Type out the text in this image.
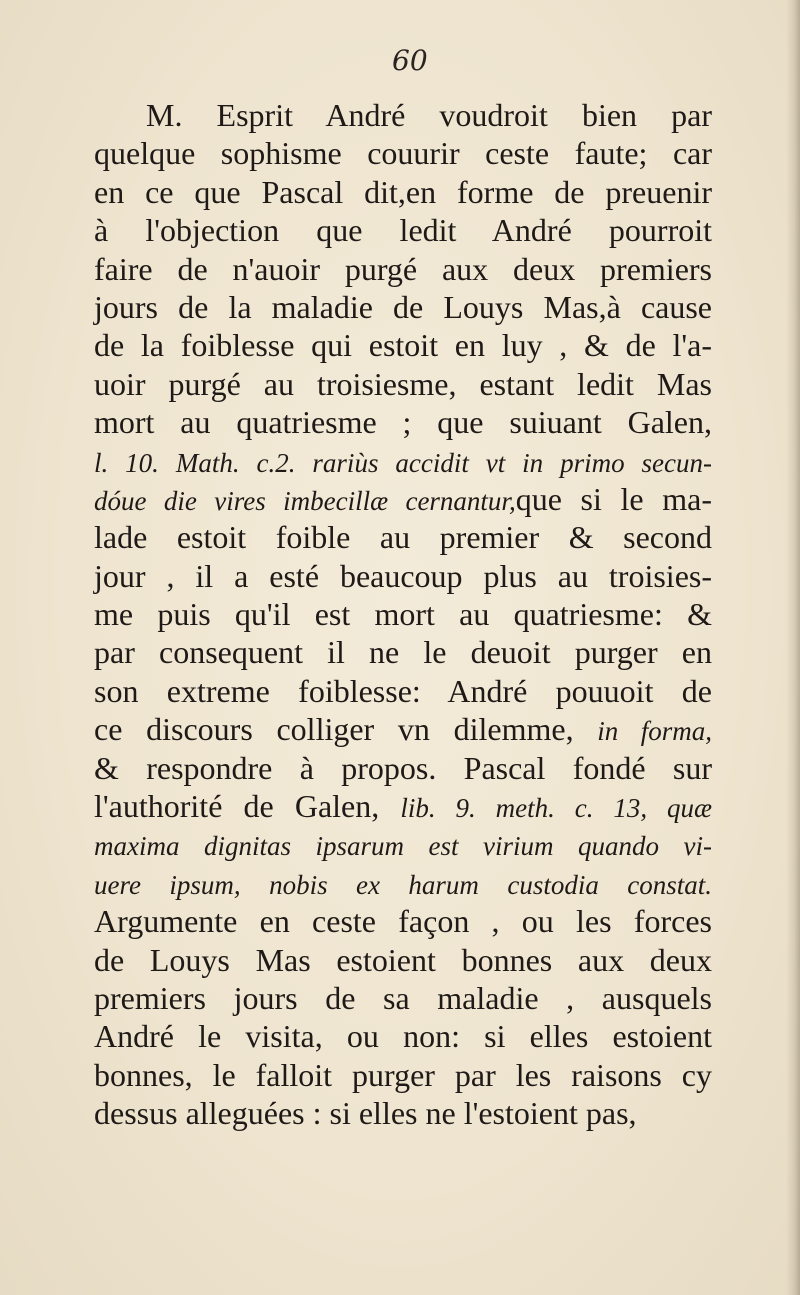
60
M. Esprit André voudroit bien par
quelque sophisme couurir ceste faute; car
en ce que Pascal dit,en forme de preuenir
à l'objection que ledit André pourroit
faire de n'auoir purgé aux deux premiers
jours de la maladie de Louys Mas,à cause
de la foiblesse qui estoit en luy , & de l'a-
uoir purgé au troisiesme, estant ledit Mas
mort au quatriesme ; que suiuant Galen,
l. 10. Math. c.2. rariùs accidit vt in primo secun-
dóue die vires imbecillæ cernantur,que si le ma-
lade estoit foible au premier & second
jour , il a esté beaucoup plus au troisies-
me puis qu'il est mort au quatriesme: &
par consequent il ne le deuoit purger en
son extreme foiblesse: André pouuoit de
ce discours colliger vn dilemme, in forma,
& respondre à propos. Pascal fondé sur
l'authorité de Galen, lib. 9. meth. c. 13, quæ
maxima dignitas ipsarum est virium quando vi-
uere ipsum, nobis ex harum custodia constat.
Argumente en ceste façon , ou les forces
de Louys Mas estoient bonnes aux deux
premiers jours de sa maladie , ausquels
André le visita, ou non: si elles estoient
bonnes, le falloit purger par les raisons cy
dessus alleguées : si elles ne l'estoient pas,
